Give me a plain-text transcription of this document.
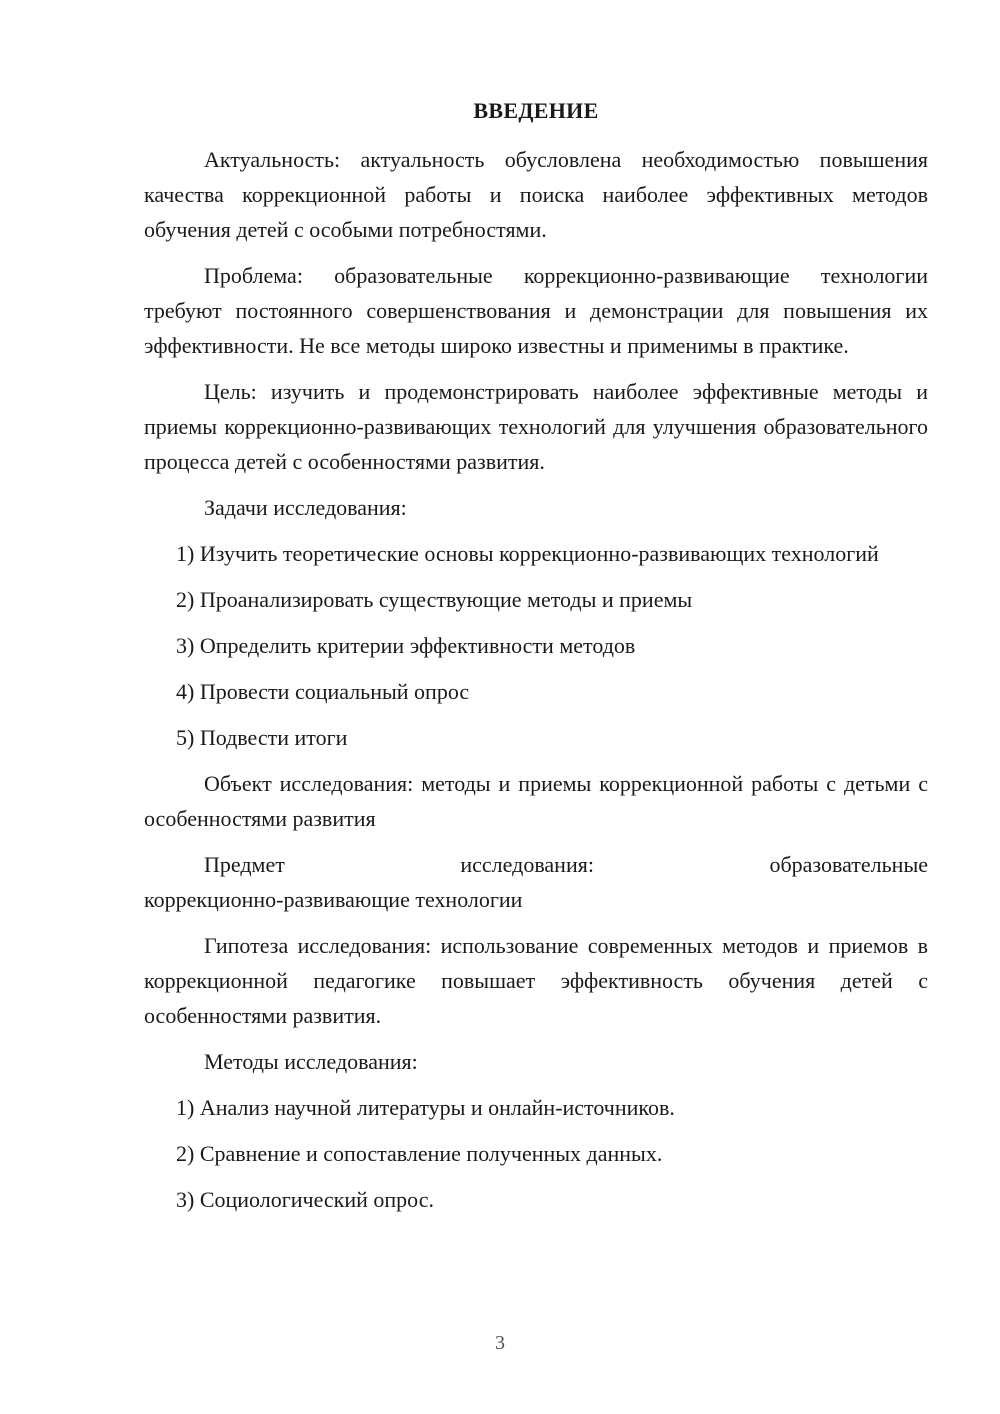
ВВЕДЕНИЕ

Актуальность: актуальность обусловлена необходимостью повышения качества коррекционной работы и поиска наиболее эффективных методов обучения детей с особыми потребностями.

Проблема: образовательные коррекционно-развивающие технологии требуют постоянного совершенствования и демонстрации для повышения их эффективности. Не все методы широко известны и применимы в практике.

Цель: изучить и продемонстрировать наиболее эффективные методы и приемы коррекционно-развивающих технологий для улучшения образовательного процесса детей с особенностями развития.

Задачи исследования:

1) Изучить теоретические основы коррекционно-развивающих технологий

2) Проанализировать существующие методы и приемы

3) Определить критерии эффективности методов

4) Провести социальный опрос

5) Подвести итоги

Объект исследования: методы и приемы коррекционной работы с детьми с особенностями развития

Предмет исследования: образовательные

коррекционно-развивающие технологии

Гипотеза исследования: использование современных методов и приемов в коррекционной педагогике повышает эффективность обучения детей с особенностями развития.

Методы исследования:

1) Анализ научной литературы и онлайн-источников.

2) Сравнение и сопоставление полученных данных.

3) Социологический опрос.

3
